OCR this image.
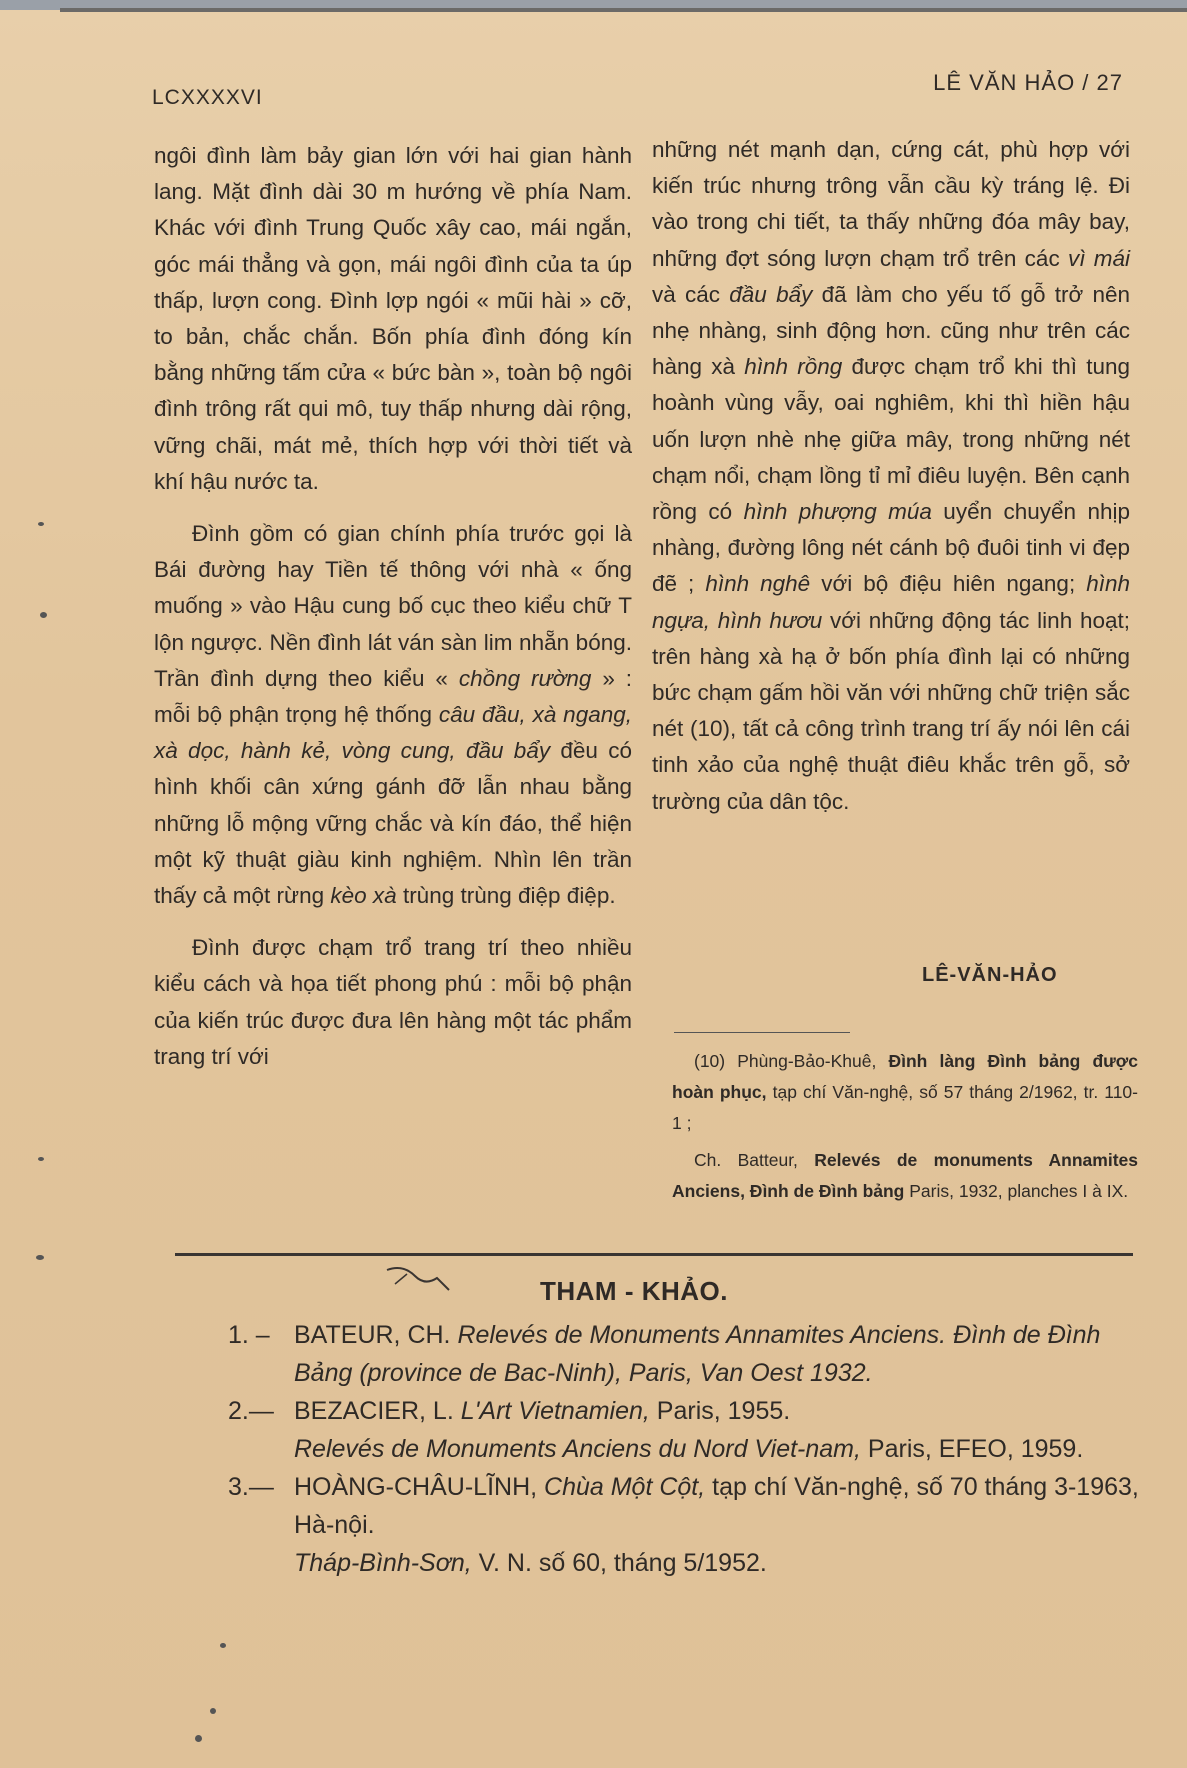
LCXXXXVI
LÊ VĂN HẢO / 27

ngôi đình làm bảy gian lớn với hai gian hành lang. Mặt đình dài 30 m hướng về phía Nam. Khác với đình Trung Quốc xây cao, mái ngắn, góc mái thẳng và gọn, mái ngôi đình của ta úp thấp, lượn cong. Đình lợp ngói « mũi hài » cỡ, to bản, chắc chắn. Bốn phía đình đóng kín bằng những tấm cửa « bức bàn », toàn bộ ngôi đình trông rất qui mô, tuy thấp nhưng dài rộng, vững chãi, mát mẻ, thích hợp với thời tiết và khí hậu nước ta.

Đình gồm có gian chính phía trước gọi là Bái đường hay Tiền tế thông với nhà « ống muống » vào Hậu cung bố cục theo kiểu chữ T lộn ngược. Nền đình lát ván sàn lim nhẵn bóng. Trần đình dựng theo kiểu « chồng rường » : mỗi bộ phận trọng hệ thống câu đầu, xà ngang, xà dọc, hành kẻ, vòng cung, đầu bẩy đều có hình khối cân xứng gánh đỡ lẫn nhau bằng những lỗ mộng vững chắc và kín đáo, thể hiện một kỹ thuật giàu kinh nghiệm. Nhìn lên trần thấy cả một rừng kèo xà trùng trùng điệp điệp.

Đình được chạm trổ trang trí theo nhiều kiểu cách và họa tiết phong phú : mỗi bộ phận của kiến trúc được đưa lên hàng một tác phẩm trang trí với

những nét mạnh dạn, cứng cát, phù hợp với kiến trúc nhưng trông vẫn cầu kỳ tráng lệ. Đi vào trong chi tiết, ta thấy những đóa mây bay, những đợt sóng lượn chạm trổ trên các vì mái và các đầu bẩy đã làm cho yếu tố gỗ trở nên nhẹ nhàng, sinh động hơn. cũng như trên các hàng xà hình rồng được chạm trổ khi thì tung hoành vùng vẫy, oai nghiêm, khi thì hiền hậu uốn lượn nhè nhẹ giữa mây, trong những nét chạm nổi, chạm lồng tỉ mỉ điêu luyện. Bên cạnh rồng có hình phượng múa uyển chuyển nhịp nhàng, đường lông nét cánh bộ đuôi tinh vi đẹp đẽ ; hình nghê với bộ điệu hiên ngang; hình ngựa, hình hươu với những động tác linh hoạt; trên hàng xà hạ ở bốn phía đình lại có những bức chạm gấm hồi văn với những chữ triện sắc nét (10), tất cả công trình trang trí ấy nói lên cái tinh xảo của nghệ thuật điêu khắc trên gỗ, sở trường của dân tộc.

LÊ-VĂN-HẢO

(10) Phùng-Bảo-Khuê, Đình làng Đình bảng được hoàn phục, tạp chí Văn-nghệ, số 57 tháng 2/1962, tr. 110- 1 ;

Ch. Batteur, Relevés de monuments Annamites Anciens, Đình de Đình bảng Paris, 1932, planches I à IX.

THAM - KHẢO.
1. – BATEUR, CH. Relevés de Monuments Annamites Anciens. Đình de Đình Bảng (province de Bac-Ninh), Paris, Van Oest 1932.
2.— BEZACIER, L. L'Art Vietnamien, Paris, 1955.
Relevés de Monuments Anciens du Nord Viet-nam, Paris, EFEO, 1959.
3.— HOÀNG-CHÂU-LĨNH, Chùa Một Cột, tạp chí Văn-nghệ, số 70 tháng 3-1963, Hà-nội.
Tháp-Bình-Sơn, V. N. số 60, tháng 5/1952.
